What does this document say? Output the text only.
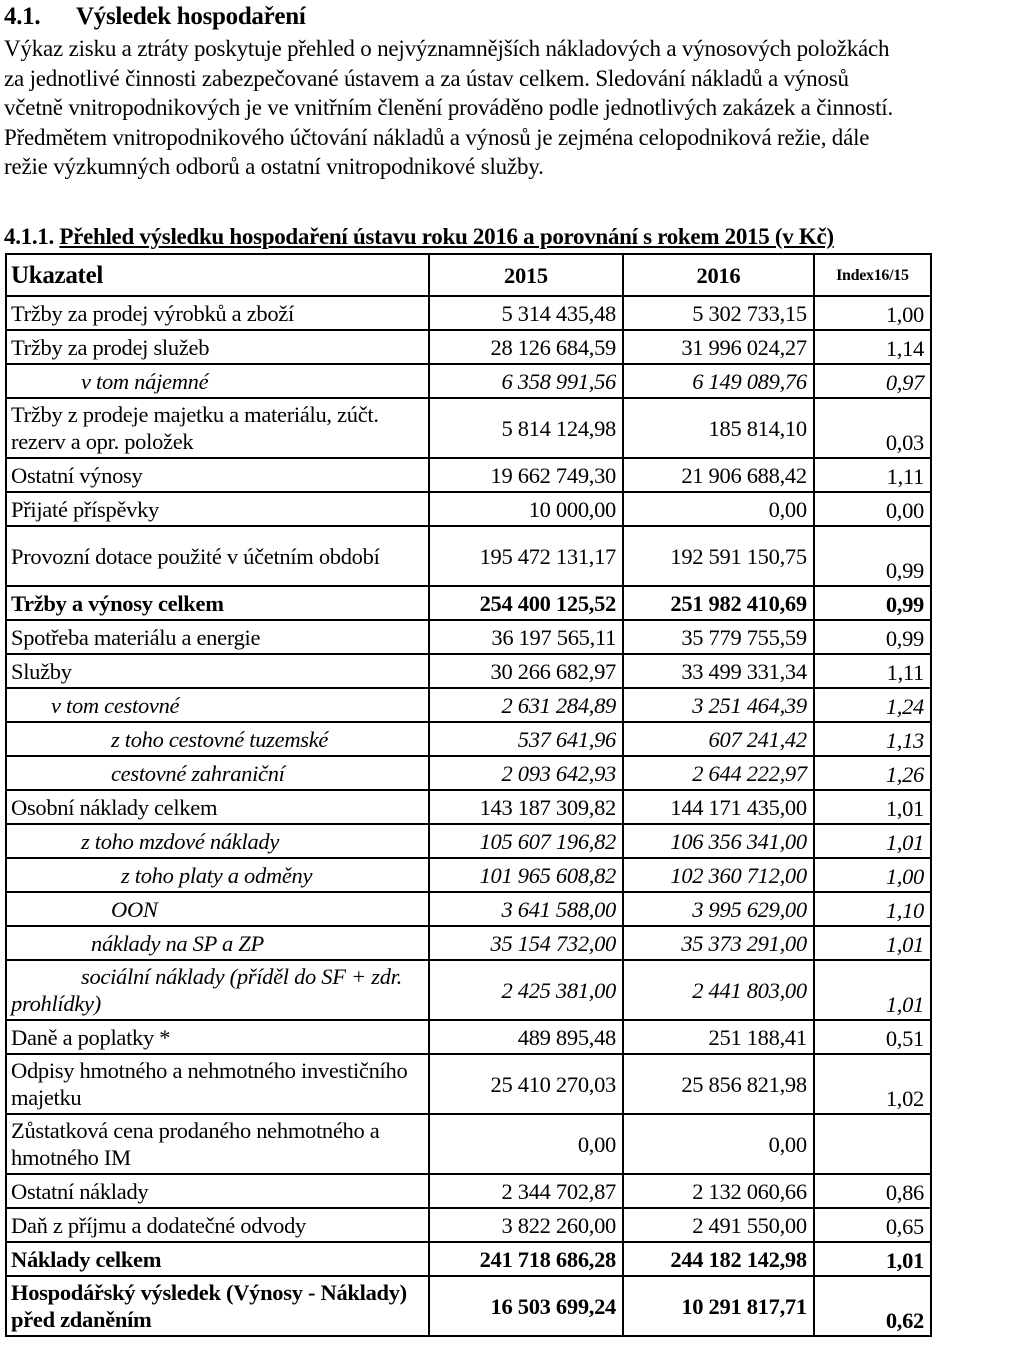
4.1. Výsledek hospodaření

Výkaz zisku a ztráty poskytuje přehled o nejvýznamnějších nákladových a výnosových položkách

za jednotlivé činnosti zabezpečované ústavem a za ústav celkem. Sledování nákladů a výnosů

včetně vnitropodnikových je ve vnitřním členění prováděno podle jednotlivých zakázek a činností.

Předmětem vnitropodnikového účtování nákladů a výnosů je zejména celopodniková režie, dále

režie výzkumných odborů a ostatní vnitropodnikové služby.

4.1.1. Přehled výsledku hospodaření ústavu roku 2016 a porovnání s rokem 2015 (v Kč)
Ukazatel	2015	2016	Index16/15
Tržby za prodej výrobků a zboží	5 314 435,48	5 302 733,15	1,00
Tržby za prodej služeb	28 126 684,59	31 996 024,27	1,14
v tom nájemné	6 358 991,56	6 149 089,76	0,97
Tržby z prodeje majetku a materiálu, zúčt. rezerv a opr. položek	5 814 124,98	185 814,10	0,03
Ostatní výnosy	19 662 749,30	21 906 688,42	1,11
Přijaté příspěvky	10 000,00	0,00	0,00
Provozní dotace použité v účetním období	195 472 131,17	192 591 150,75	0,99
Tržby a výnosy celkem	254 400 125,52	251 982 410,69	0,99
Spotřeba materiálu a energie	36 197 565,11	35 779 755,59	0,99
Služby	30 266 682,97	33 499 331,34	1,11
v tom cestovné	2 631 284,89	3 251 464,39	1,24
z toho cestovné tuzemské	537 641,96	607 241,42	1,13
cestovné zahraniční	2 093 642,93	2 644 222,97	1,26
Osobní náklady celkem	143 187 309,82	144 171 435,00	1,01
z toho mzdové náklady	105 607 196,82	106 356 341,00	1,01
z toho platy a odměny	101 965 608,82	102 360 712,00	1,00
OON	3 641 588,00	3 995 629,00	1,10
náklady na SP a ZP	35 154 732,00	35 373 291,00	1,01
sociální náklady (příděl do SF + zdr. prohlídky)	2 425 381,00	2 441 803,00	1,01
Daně a poplatky *	489 895,48	251 188,41	0,51
Odpisy hmotného a nehmotného investičního majetku	25 410 270,03	25 856 821,98	1,02
Zůstatková cena prodaného nehmotného a hmotného IM	0,00	0,00	
Ostatní náklady	2 344 702,87	2 132 060,66	0,86
Daň z příjmu a dodatečné odvody	3 822 260,00	2 491 550,00	0,65
Náklady celkem	241 718 686,28	244 182 142,98	1,01
Hospodářský výsledek (Výnosy - Náklady) před zdaněním	16 503 699,24	10 291 817,71	0,62
